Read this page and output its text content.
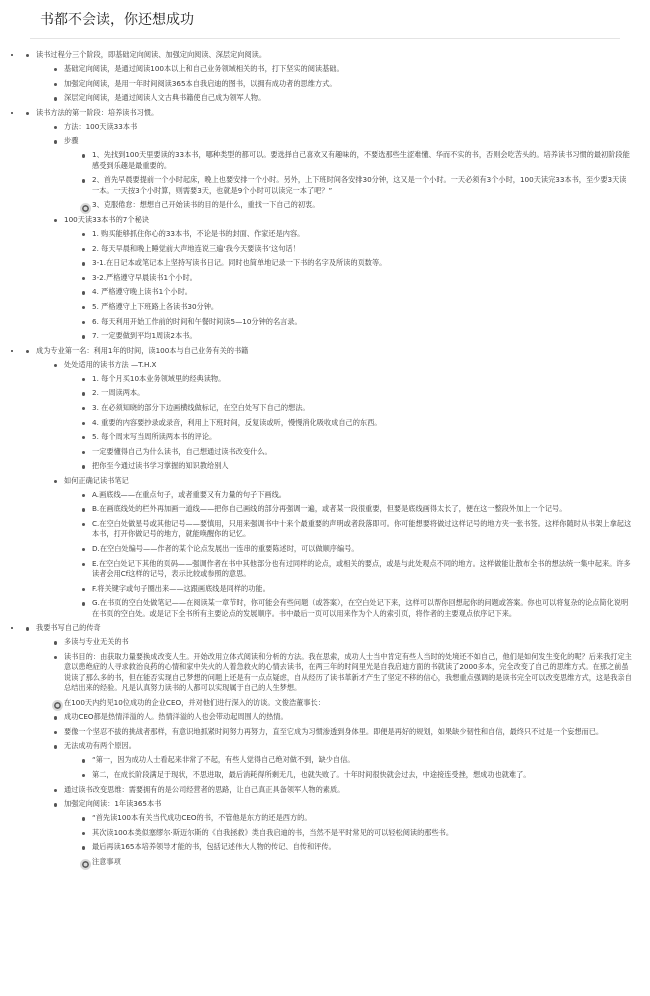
书都不会读，你还想成功
• 读书过程分三个阶段，即基础定向阅读、加强定向阅读、深层定向阅读。
基础定向阅读，是通过阅读100本以上和自己业务领域相关的书，打下坚实的阅读基础。
加强定向阅读，是用一年时间阅读365本自我启迪的图书，以拥有成功者的思维方式。
深层定向阅读，是通过阅读人文古典书籍使自己成为领军人物。
• 读书方法的第一阶段：培养读书习惯。
方法：100天读33本书
步骤
1、先找到100天里要读的33本书，哪种类型的都可以。要选择自己喜欢又有趣味的，不要选那些生涩难懂、华而不实的书，否则会吃苦头的。培养读书习惯的最初阶段能感受到乐趣是最重要的。
2、首先早晨要提前一个小时起床，晚上也要安排一个小时。另外，上下班时间各安排30分钟，这又是一个小时。一天必须有3个小时，100天读完33本书，至少要3天读一本。一天按3个小时算，则需要3天，也就是9个小时可以读完一本了吧？”
3、克服倦怠：想想自己开始读书的目的是什么，重找一下自己的初衷。
100天读33本书的7个秘诀
1. 购买能够抓住你心的33本书，不论是书的封面、作家还是内容。
2. 每天早晨和晚上睡觉前大声地连说三遍‘我今天要读书’这句话！
3-1.在日记本或笔记本上坚持写读书日记。同时也简单地记录一下书的名字及所读的页数等。
3-2.严格遵守早晨读书1个小时。
4. 严格遵守晚上读书1个小时。
5. 严格遵守上下班路上各读书30分钟。
6. 每天利用开始工作前的时间和午餐时间读5—10分钟的名言录。
7. 一定要做到平均1周读2本书。
• 成为专业第一名：利用1年的时间，读100本与自己业务有关的书籍
处处适用的读书方法 —T.H.X
1. 每个月买10本业务领域里的经典读物。
2. 一周读两本。
3. 在必须知晓的部分下边画横线做标记，在空白处写下自己的想法。
4. 重要的内容要抄录或录音，利用上下班时间，反复读或听，慢慢消化吸收成自己的东西。
5. 每个周末写当周所读两本书的评论。
一定要懂得自己为什么读书，自己想通过读书改变什么。
把你至今通过读书学习掌握的知识教给别人
如何正确记读书笔记
A.画底线——在重点句子，或者重要又有力量的句子下画线。
B.在画底线处的栏外再加画一道线——把你自己画线的部分再强调一遍，或者某一段很重要，但要是底线画得太长了，便在这一整段外加上一个记号。
C.在空白处做星号或其他记号——要慎用，只用来强调书中十来个最重要的声明或者段落即可。你可能想要将做过这样记号的地方夹一张书签。这样你随时从书架上拿起这本书，打开你做记号的地方，就能唤醒你的记忆。
D.在空白处编号——作者的某个论点发展出一连串的重要陈述时，可以做顺序编号。
E.在空白处记下其他的页码——强调作者在书中其他部分也有过同样的论点，或相关的要点，或是与此处观点不同的地方。这样做能让散布全书的想法统一集中起来。许多读者会用Cf这样的记号，表示比较或参照的意思。
F.将关键字或句子圈出来——这跟画底线是同样的功能。
G.在书页的空白处做笔记——在阅读某一章节时，你可能会有些问题（或答案），在空白处记下来，这样可以帮你回想起你的问题或答案。你也可以将复杂的论点简化说明在书页的空白处。或是记下全书所有主要论点的发展顺序。书中最后一页可以用来作为个人的索引页，将作者的主要观点依序记下来。
• 我要书写自己的传奇
多读与专业无关的书
读书目的：由获取力量要换成改变人生。开始改用立体式阅读和分析的方法。我在思索，成功人士当中肯定有些人当时的处境还不如自己，他们是如何发生变化的呢？后来我打定主意以患绝症的人寻求救治良药的心情和家中失火的人着急救火的心情去读书，在两三年的时间里光是自我启迪方面的书就读了2000多本，完全改变了自己的思维方式。在那之前虽说读了那么多的书，但在能否实现自己梦想的问题上还是有一点点疑虑，自从经历了读书革新才产生了坚定不移的信心，我想重点强调的是读书完全可以改变思维方式，这是我亲自总结出来的经验。凡是认真努力读书的人都可以实现属于自己的人生梦想。
在100天内约见10位成功的企业CEO，并对他们进行深入的访谈。文俊浩董事长：
成功CEO都是热情洋溢的人。热情洋溢的人也会带动起周围人的热情。
要像一个坚忍不拔的挑战者那样，有意识地抓紧时间努力再努力，直至它成为习惯渗透到身体里。即便是再好的规划，如果缺少韧性和自信，最终只不过是一个妄想而已。
无法成功有两个原因。
“第一，因为成功人士看起来非常了不起，有些人觉得自己绝对做不到，缺少自信。
第二，在成长阶段满足于现状，不思进取，最后消耗得所剩无几，也就失败了。十年时间很快就会过去，中途接连受挫，想成功也就难了。
通过读书改变思维：需要拥有的是公司经营者的思路，让自己真正具备领军人物的素质。
加强定向阅读：1年读365本书
“首先读100本有关当代成功CEO的书，不管他是东方的还是西方的。
其次读100本类似塞缪尔·斯迈尔斯的《自我拯救》类自我启迪的书，当然不是平时常见的可以轻松阅读的那些书。
最后再读165本培养领导才能的书，包括记述伟大人物的传记、自传和评传。
注意事项
